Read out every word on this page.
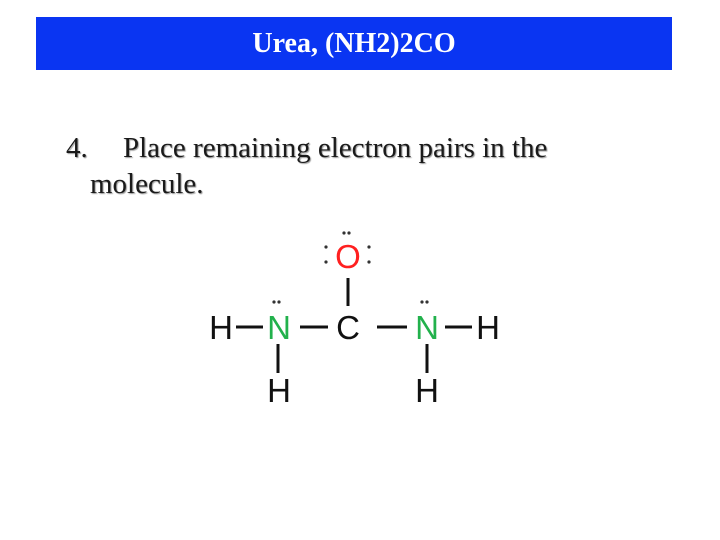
Urea, (NH2)2CO
4. Place remaining electron pairs in the
molecule.
O
C
N	N
H	H
H	H
